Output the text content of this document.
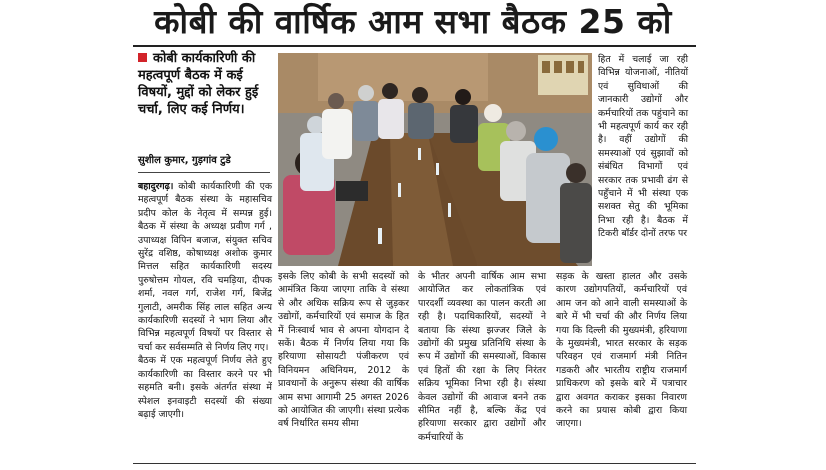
कोबी की वार्षिक आम सभा बैठक 25 को
कोबी कार्यकारिणी की महत्वपूर्ण बैठक में कई विषयों, मुद्दों को लेकर हुई चर्चा, लिए कई निर्णय।
सुशील कुमार, गुड़गांव टुडे
बहादुरगढ़। कोबी कार्यकारिणी की एक महत्वपूर्ण बैठक संस्था के महासचिव प्रदीप कोल के नेतृत्व में सम्पन्न हुई। बैठक में संस्था के अध्यक्ष प्रवीण गर्ग , उपाध्यक्ष विपिन बजाज, संयुक्त सचिव सुरेंद्र वशिष्ठ, कोषाध्यक्ष अशोक कुमार मित्तल सहित कार्यकारिणी सदस्य पुरुषोत्तम गोयल, रवि चमड़िया, दीपक शर्मा, नवल गर्ग, राजेश गर्ग, बिजेंद्र गुलाटी, अमरीक सिंह लाल सहित अन्य कार्यकारिणी सदस्यों ने भाग लिया और विभिन्न महत्वपूर्ण विषयों पर विस्तार से चर्चा कर सर्वसम्मति से निर्णय लिए गए।
बैठक में एक महत्वपूर्ण निर्णय लेते हुए कार्यकारिणी का विस्तार करने पर भी सहमति बनी। इसके अंतर्गत संस्था में स्पेशल इनवाइटी सदस्यों की संख्या बढ़ाई जाएगी।
हित में चलाई जा रही विभिन्न योजनाओं, नीतियों एवं सुविधाओं की जानकारी उद्योगों और कर्मचारियों तक पहुंचाने का भी महत्वपूर्ण कार्य कर रही है। वहीं उद्योगों की समस्याओं एवं सुझावों को संबंधित विभागों एवं सरकार तक प्रभावी ढंग से पहुँचाने में भी संस्था एक सशक्त सेतु की भूमिका निभा रही है। बैठक में टिकरी बॉर्डर दोनों तरफ पर
इसके लिए कोबी के सभी सदस्यों को आमंत्रित किया जाएगा ताकि वे संस्था से और अधिक सक्रिय रूप से जुड़कर उद्योगों, कर्मचारियों एवं समाज के हित में निःस्वार्थ भाव से अपना योगदान दे सकें। बैठक में निर्णय लिया गया कि हरियाणा सोसायटी पंजीकरण एवं विनियमन अधिनियम, 2012 के प्रावधानों के अनुरूप संस्था की वार्षिक आम सभा आगामी 25 अगस्त 2026 को आयोजित की जाएगी। संस्था प्रत्येक वर्ष निर्धारित समय सीमा
के भीतर अपनी वार्षिक आम सभा आयोजित कर लोकतांत्रिक एवं पारदर्शी व्यवस्था का पालन करती आ रही है। पदाधिकारियों, सदस्यों ने बताया कि संस्था झज्जर जिले के उद्योगों की प्रमुख प्रतिनिधि संस्था के रूप में उद्योगों की समस्याओं, विकास एवं हितों की रक्षा के लिए निरंतर सक्रिय भूमिका निभा रही है। संस्था केवल उद्योगों की आवाज बनने तक सीमित नहीं है, बल्कि केंद्र एवं हरियाणा सरकार द्वारा उद्योगों और कर्मचारियों के
सड़क के खस्ता हालत और उसके कारण उद्योगपतियों, कर्मचारियों एवं आम जन को आने वाली समस्याओं के बारे में भी चर्चा की और निर्णय लिया गया कि दिल्ली की मुख्यमंत्री, हरियाणा के मुख्यमंत्री, भारत सरकार के सड़क परिवहन एवं राजमार्ग मंत्री नितिन गडकरी और भारतीय राष्ट्रीय राजमार्ग प्राधिकरण को इसके बारे में पत्राचार द्वारा अवगत कराकर इसका निवारण करने का प्रयास कोबी द्वारा किया जाएगा।
